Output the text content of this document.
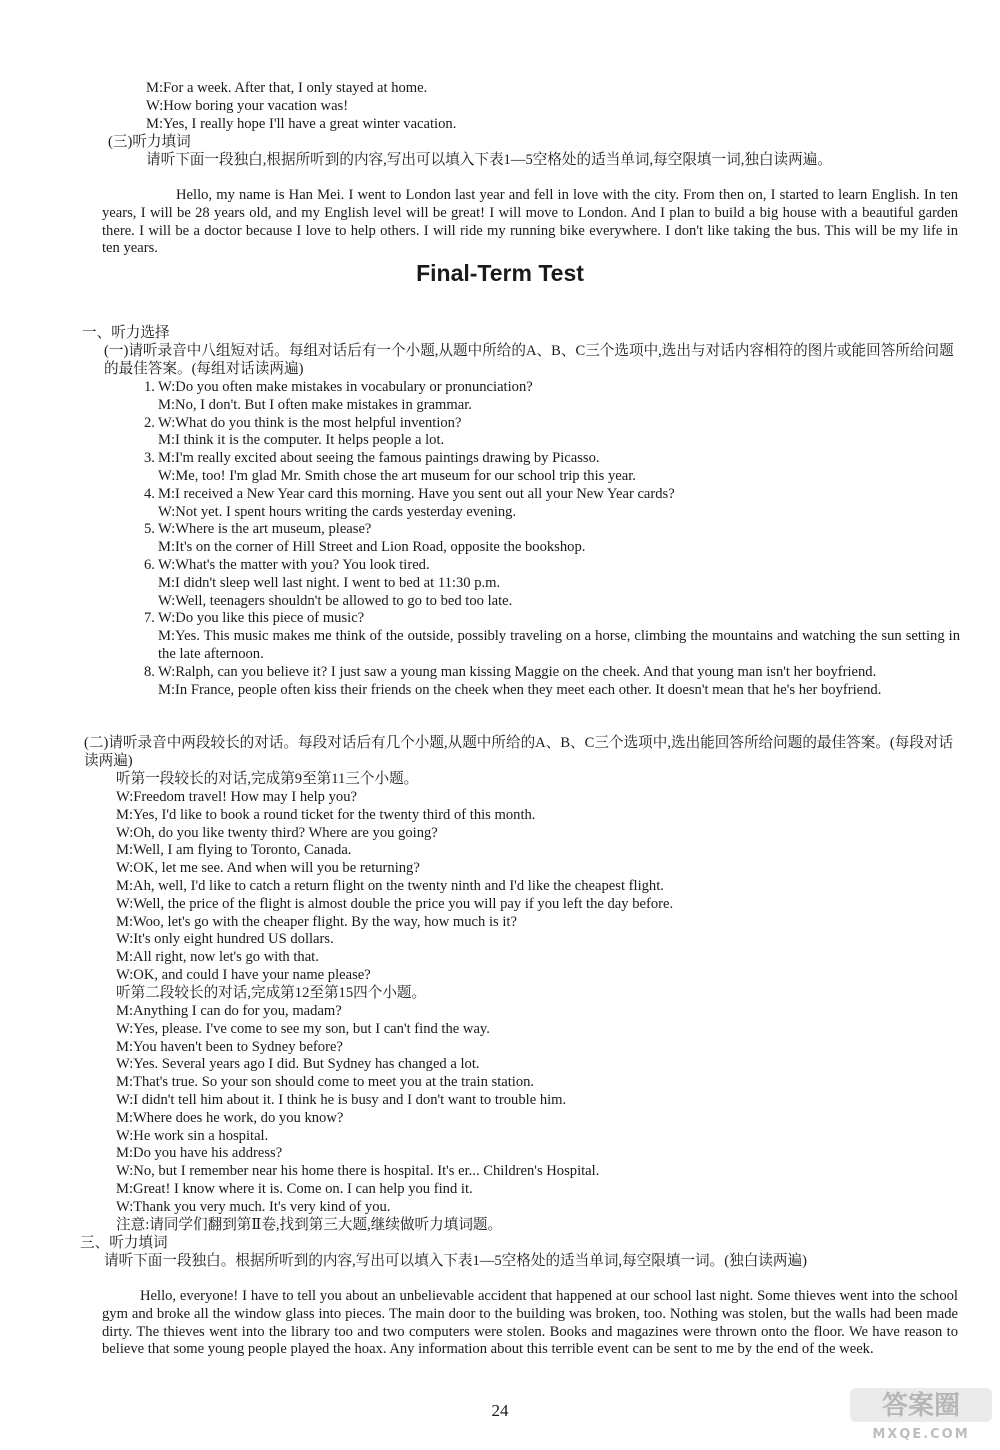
M:For a week. After that, I only stayed at home.
W:How boring your vacation was!
M:Yes, I really hope I'll have a great winter vacation.
(三)听力填词
请听下面一段独白,根据所听到的内容,写出可以填入下表1—5空格处的适当单词,每空限填一词,独白读两遍。
Hello, my name is Han Mei. I went to London last year and fell in love with the city. From then on, I started to learn English. In ten years, I will be 28 years old, and my English level will be great! I will move to London. And I plan to build a big house with a beautiful garden there. I will be a doctor because I love to help others. I will ride my running bike everywhere. I don't like taking the bus. This will be my life in ten years.
Final-Term Test
一、听力选择
(一)请听录音中八组短对话。每组对话后有一个小题,从题中所给的A、B、C三个选项中,选出与对话内容相符的图片或能回答所给问题的最佳答案。(每组对话读两遍)
1. W:Do you often make mistakes in vocabulary or pronunciation?
M:No, I don't. But I often make mistakes in grammar.
2. W:What do you think is the most helpful invention?
M:I think it is the computer. It helps people a lot.
3. M:I'm really excited about seeing the famous paintings drawing by Picasso.
W:Me, too! I'm glad Mr. Smith chose the art museum for our school trip this year.
4. M:I received a New Year card this morning. Have you sent out all your New Year cards?
W:Not yet. I spent hours writing the cards yesterday evening.
5. W:Where is the art museum, please?
M:It's on the corner of Hill Street and Lion Road, opposite the bookshop.
6. W:What's the matter with you? You look tired.
M:I didn't sleep well last night. I went to bed at 11:30 p.m.
W:Well, teenagers shouldn't be allowed to go to bed too late.
7. W:Do you like this piece of music?
M:Yes. This music makes me think of the outside, possibly traveling on a horse, climbing the mountains and watching the sun setting in the late afternoon.
8. W:Ralph, can you believe it? I just saw a young man kissing Maggie on the cheek. And that young man isn't her boyfriend.
M:In France, people often kiss their friends on the cheek when they meet each other. It doesn't mean that he's her boyfriend.
(二)请听录音中两段较长的对话。每段对话后有几个小题,从题中所给的A、B、C三个选项中,选出能回答所给问题的最佳答案。(每段对话读两遍)
听第一段较长的对话,完成第9至第11三个小题。
W:Freedom travel! How may I help you?
M:Yes, I'd like to book a round ticket for the twenty third of this month.
W:Oh, do you like twenty third? Where are you going?
M:Well, I am flying to Toronto, Canada.
W:OK, let me see. And when will you be returning?
M:Ah, well, I'd like to catch a return flight on the twenty ninth and I'd like the cheapest flight.
W:Well, the price of the flight is almost double the price you will pay if you left the day before.
M:Woo, let's go with the cheaper flight. By the way, how much is it?
W:It's only eight hundred US dollars.
M:All right, now let's go with that.
W:OK, and could I have your name please?
听第二段较长的对话,完成第12至第15四个小题。
M:Anything I can do for you, madam?
W:Yes, please. I've come to see my son, but I can't find the way.
M:You haven't been to Sydney before?
W:Yes. Several years ago I did. But Sydney has changed a lot.
M:That's true. So your son should come to meet you at the train station.
W:I didn't tell him about it. I think he is busy and I don't want to trouble him.
M:Where does he work, do you know?
W:He work sin a hospital.
M:Do you have his address?
W:No, but I remember near his home there is hospital. It's er... Children's Hospital.
M:Great! I know where it is. Come on. I can help you find it.
W:Thank you very much. It's very kind of you.
注意:请同学们翻到第Ⅱ卷,找到第三大题,继续做听力填词题。
三、听力填词
请听下面一段独白。根据所听到的内容,写出可以填入下表1—5空格处的适当单词,每空限填一词。(独白读两遍)
Hello, everyone! I have to tell you about an unbelievable accident that happened at our school last night. Some thieves went into the school gym and broke all the window glass into pieces. The main door to the building was broken, too. Nothing was stolen, but the walls had been made dirty. The thieves went into the library too and two computers were stolen. Books and magazines were thrown onto the floor. We have reason to believe that some young people played the hoax. Any information about this terrible event can be sent to me by the end of the week.
24	答案圈
MXQE.COM
